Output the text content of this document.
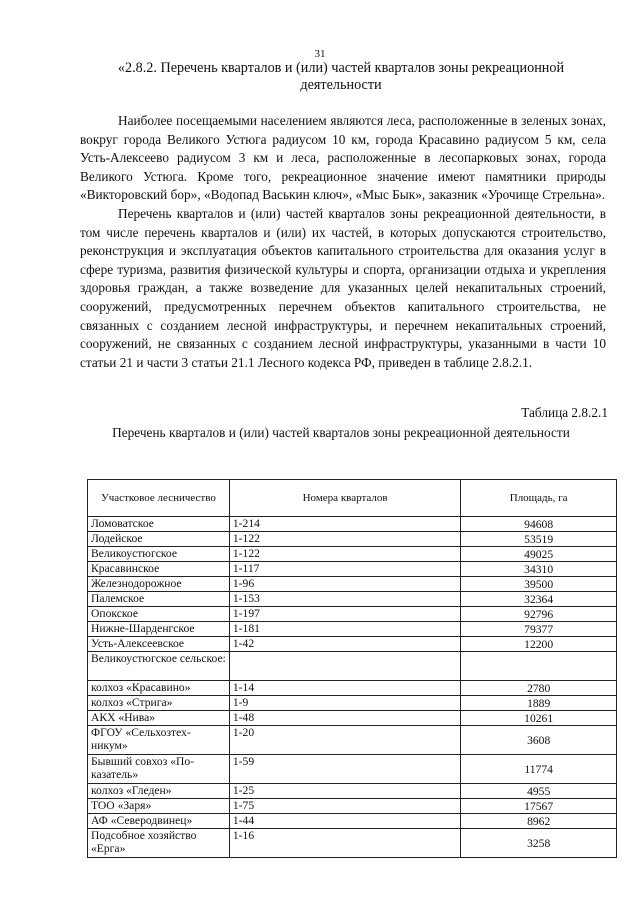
31
«2.8.2. Перечень кварталов и (или) частей кварталов зоны рекреационной деятельности

Наиболее посещаемыми населением являются леса, расположенные в зеленых зонах, вокруг города Великого Устюга радиусом 10 км, города Красавино радиусом 5 км, села Усть-Алексеево радиусом 3 км и леса, расположенные в лесопарковых зонах, города Великого Устюга. Кроме того, рекреационное значение имеют памятники природы «Викторовский бор», «Водопад Васькин ключ», «Мыс Бык», заказник «Урочище Стрельна».

Перечень кварталов и (или) частей кварталов зоны рекреационной деятельности, в том числе перечень кварталов и (или) их частей, в которых допускаются строительство, реконструкция и эксплуатация объектов капитального строительства для оказания услуг в сфере туризма, развития физической культуры и спорта, организации отдыха и укрепления здоровья граждан, а также возведение для указанных целей некапитальных строений, сооружений, предусмотренных перечнем объектов капитального строительства, не связанных с созданием лесной инфраструктуры, и перечнем некапитальных строений, сооружений, не связанных с созданием лесной инфраструктуры, указанными в части 10 статьи 21 и части 3 статьи 21.1 Лесного кодекса РФ, приведен в таблице 2.8.2.1.

Таблица 2.8.2.1
Перечень кварталов и (или) частей кварталов зоны рекреационной деятельности
Участковое лесничество	Номера кварталов	Площадь, га
Ломоватское	1-214	94608
Лодейское	1-122	53519
Великоустюгское	1-122	49025
Красавинское	1-117	34310
Железнодорожное	1-96	39500
Палемское	1-153	32364
Опокское	1-197	92796
Нижне-Шарденгское	1-181	79377
Усть-Алексеевское	1-42	12200
Великоустюгское сельское:		
колхоз «Красавино»	1-14	2780
колхоз «Стрига»	1-9	1889
АКХ «Нива»	1-48	10261
ФГОУ «Сельхозтех-никум»	1-20	3608
Бывший совхоз «По-казатель»	1-59	11774
колхоз «Гледен»	1-25	4955
ТОО «Заря»	1-75	17567
АФ «Северодвинец»	1-44	8962
Подсобное хозяйство «Ерга»	1-16	3258
